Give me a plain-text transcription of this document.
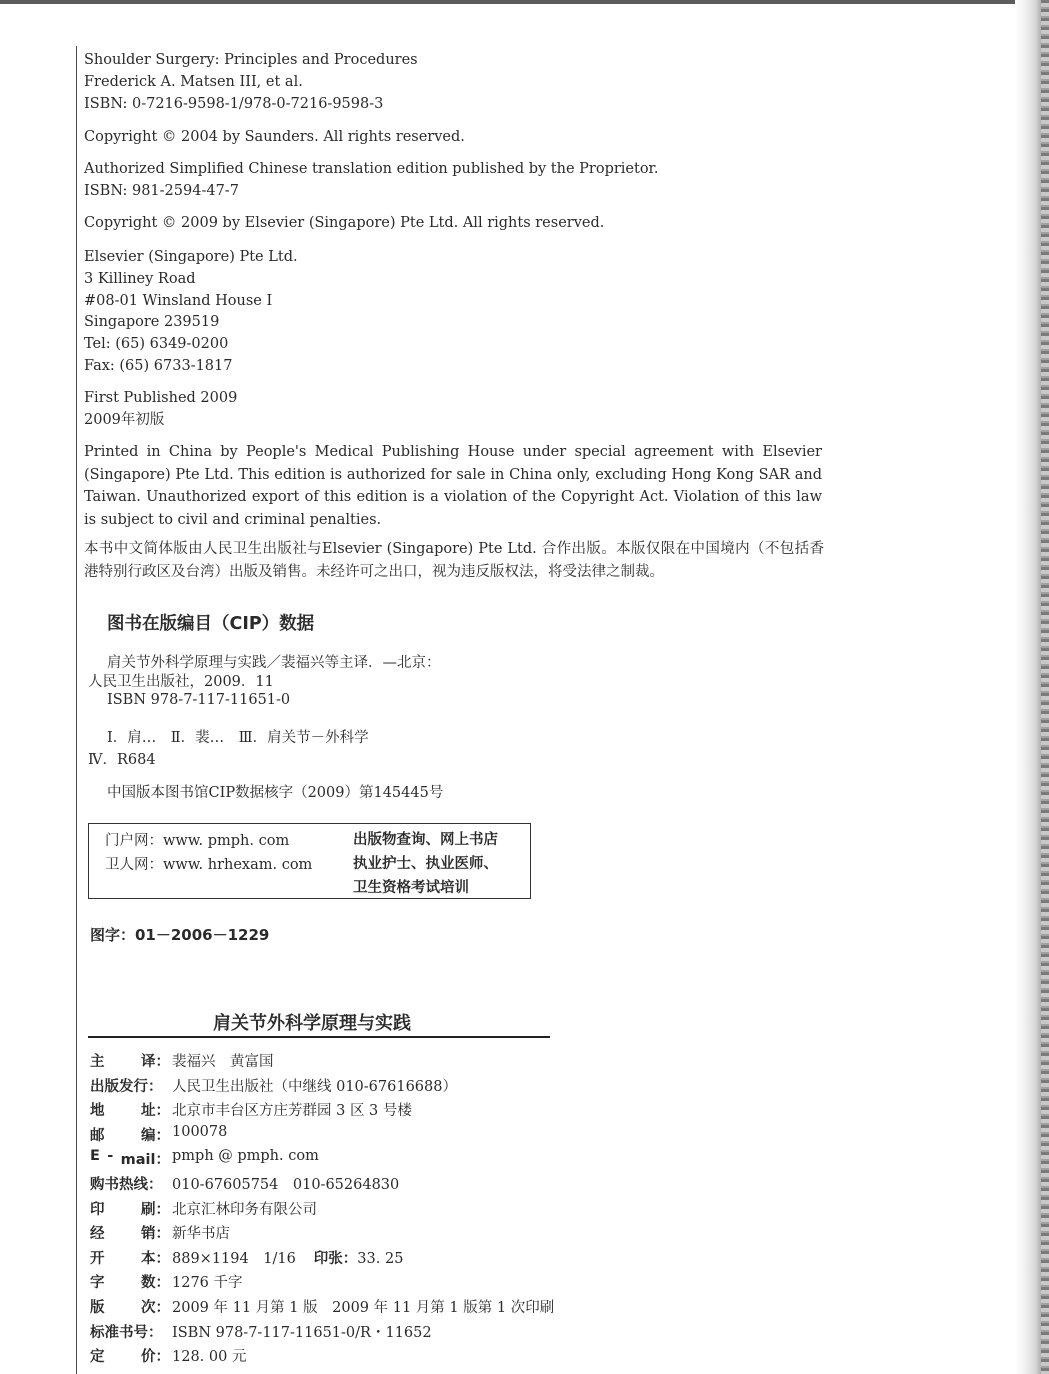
Shoulder Surgery: Principles and Procedures
Frederick A. Matsen III, et al.
ISBN: 0-7216-9598-1/978-0-7216-9598-3
Copyright © 2004 by Saunders. All rights reserved.
Authorized Simplified Chinese translation edition published by the Proprietor.
ISBN: 981-2594-47-7
Copyright © 2009 by Elsevier (Singapore) Pte Ltd. All rights reserved.
Elsevier (Singapore) Pte Ltd.
3 Killiney Road
#08-01 Winsland House I
Singapore 239519
Tel: (65) 6349-0200
Fax: (65) 6733-1817
First Published 2009
2009年初版

Printed in China by People's Medical Publishing House under special agreement with Elsevier (Singapore) Pte Ltd. This edition is authorized for sale in China only, excluding Hong Kong SAR and Taiwan. Unauthorized export of this edition is a violation of the Copyright Act. Violation of this law is subject to civil and criminal penalties.

本书中文简体版由人民卫生出版社与Elsevier (Singapore) Pte Ltd. 合作出版。本版仅限在中国境内（不包括香港特别行政区及台湾）出版及销售。未经许可之出口，视为违反版权法，将受法律之制裁。
图书在版编目（CIP）数据
肩关节外科学原理与实践／裴福兴等主译．—北京：
人民卫生出版社，2009．11
ISBN 978-7-117-11651-0
Ⅰ．肩…　Ⅱ．裴…　Ⅲ．肩关节－外科学
Ⅳ．R684
中国版本图书馆CIP数据核字（2009）第145445号
门户网：www. pmph. com
卫人网：www. hrhexam. com
出版物查询、网上书店
执业护士、执业医师、
卫生资格考试培训
图字：01－2006－1229
肩关节外科学原理与实践
主	译： 裴福兴　黄富国
出版发行： 人民卫生出版社（中继线 010-67616688）
地	址： 北京市丰台区方庄芳群园 3 区 3 号楼
邮	编： 100078
E - mail： pmph @ pmph. com
购书热线： 010-67605754　010-65264830
印	刷： 北京汇林印务有限公司
经	销： 新华书店
开	本： 889×1194　1/16 印张：33. 25
字	数： 1276 千字
版	次： 2009 年 11 月第 1 版　2009 年 11 月第 1 版第 1 次印刷
标准书号： ISBN 978-7-117-11651-0/R・11652
定	价： 128. 00 元
